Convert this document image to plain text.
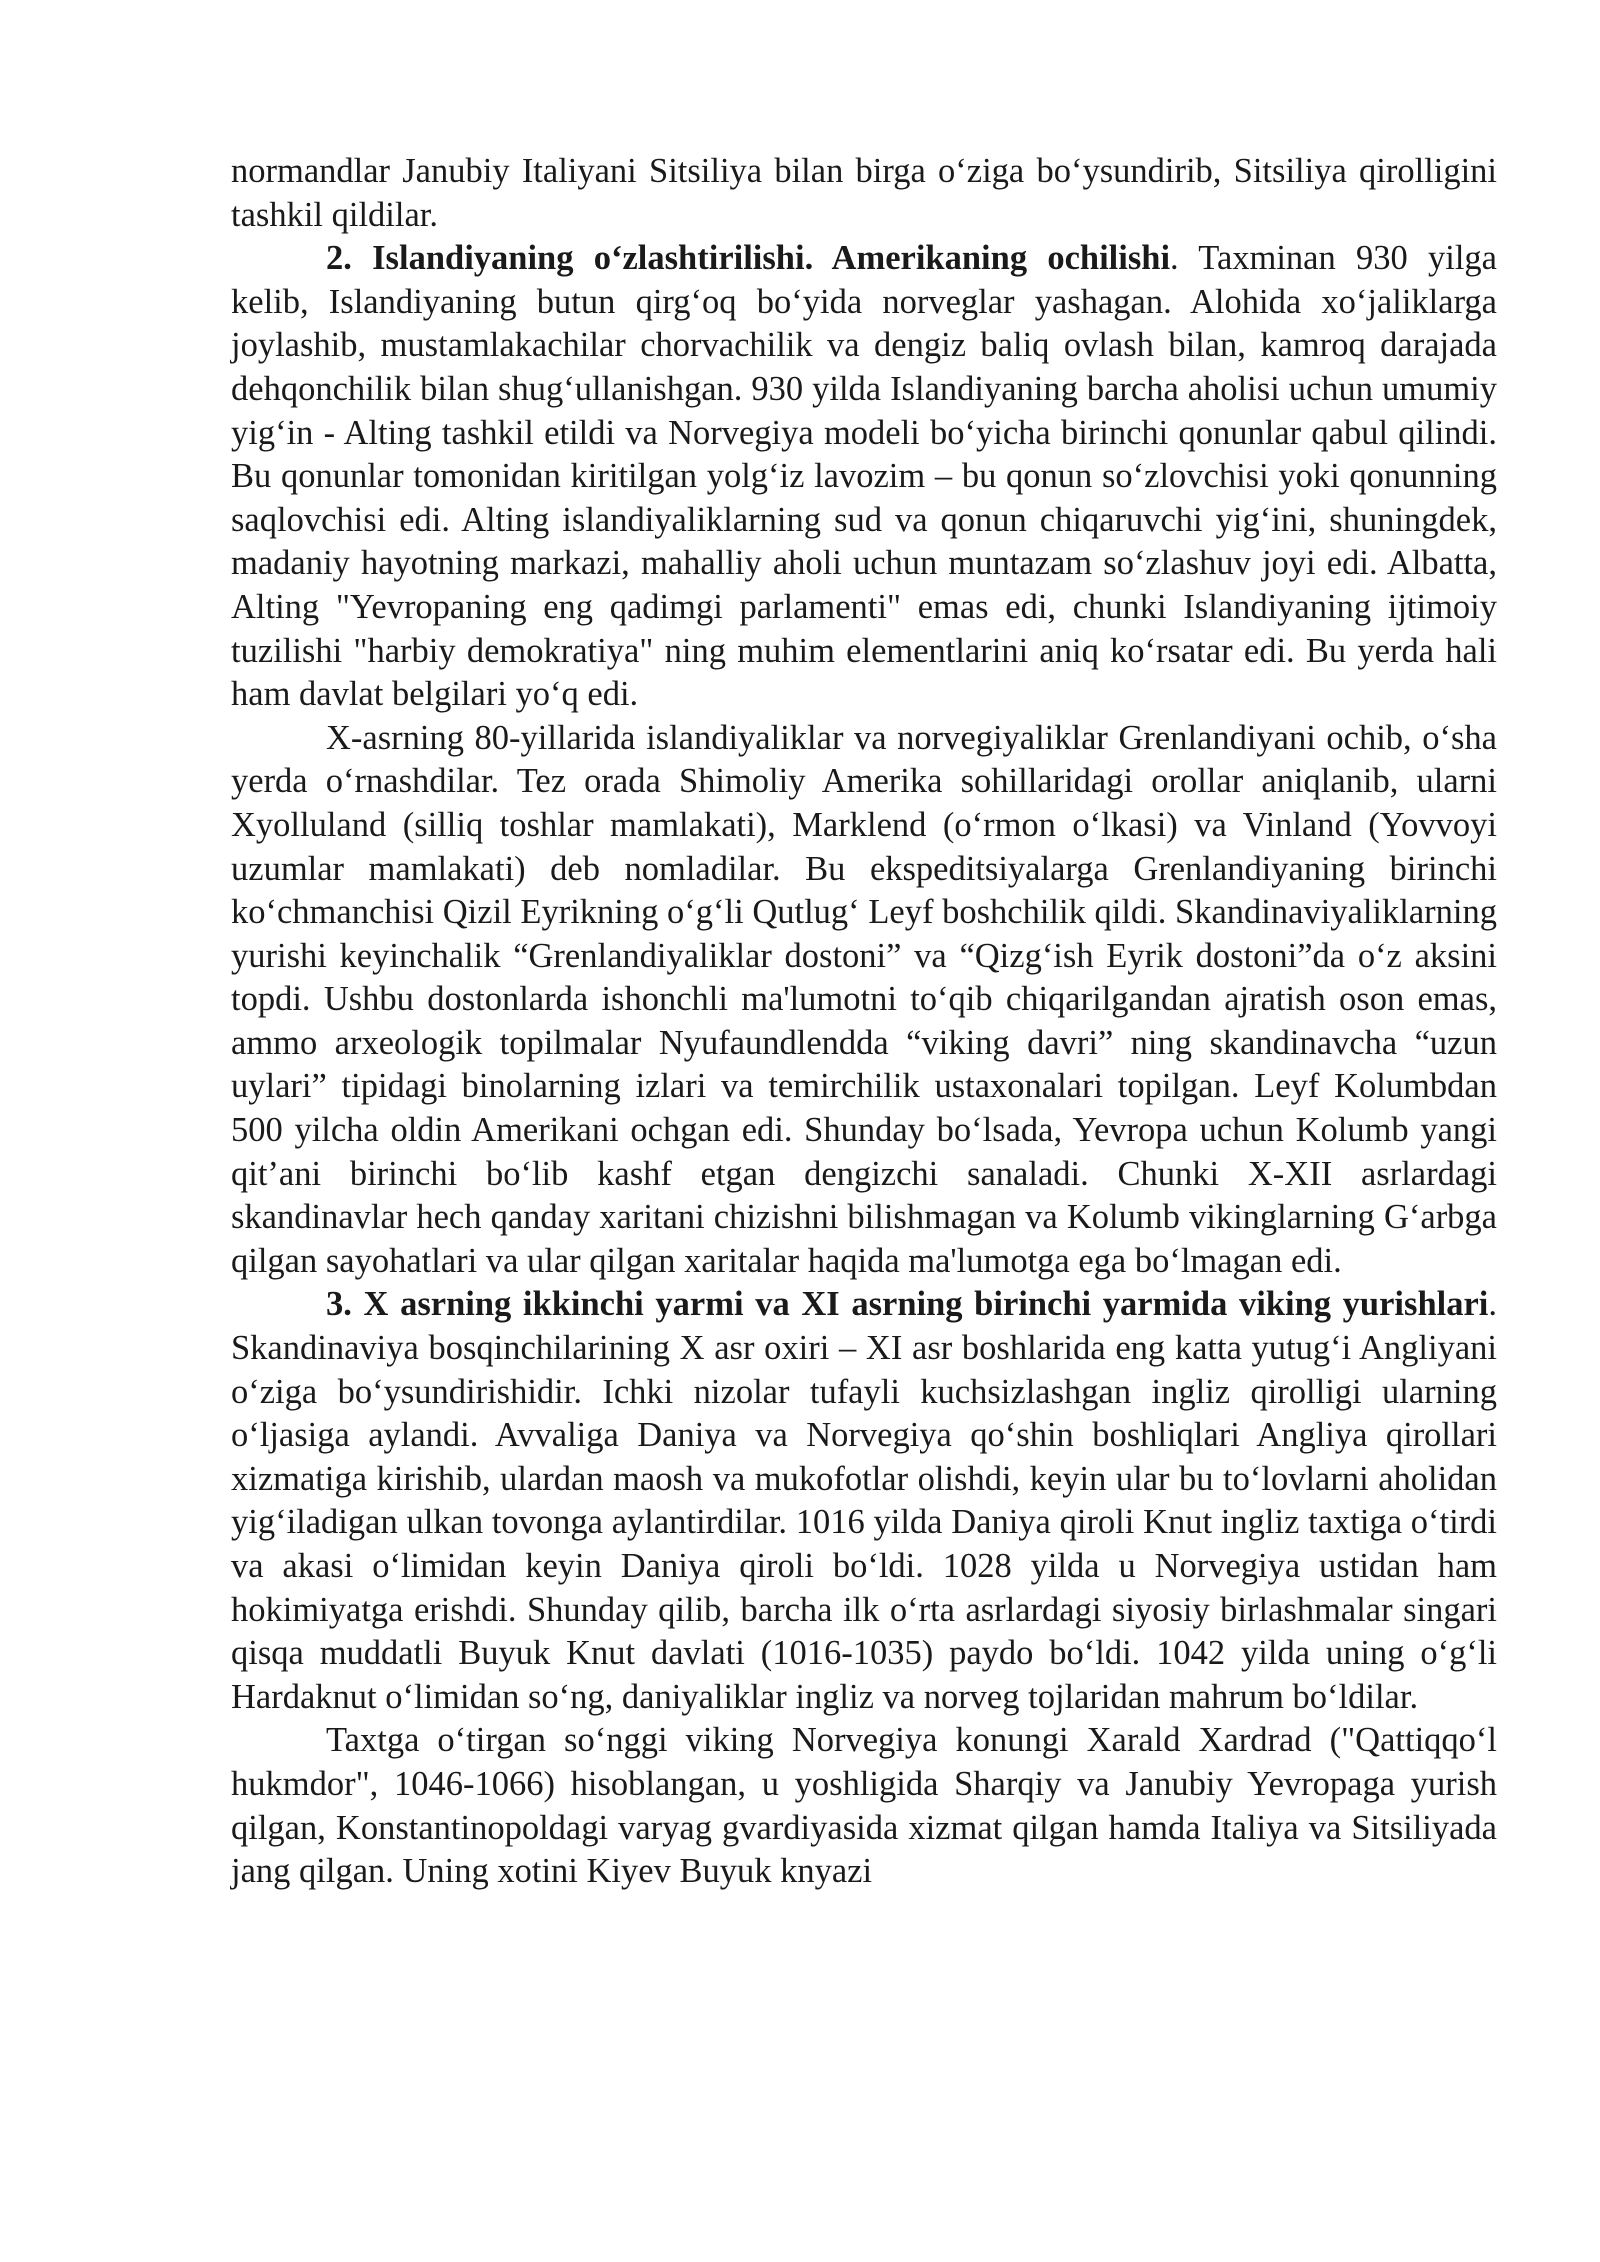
normandlar Janubiy Italiyani Sitsiliya bilan birga o‘ziga bo‘ysundirib, Sitsiliya qirolligini tashkil qildilar.

2. Islandiyaning o‘zlashtirilishi. Amerikaning ochilishi. Taxminan 930 yilga kelib, Islandiyaning butun qirg‘oq bo‘yida norveglar yashagan. Alohida xo‘jaliklarga joylashib, mustamlakachilar chorvachilik va dengiz baliq ovlash bilan, kamroq darajada dehqonchilik bilan shug‘ullanishgan. 930 yilda Islandiyaning barcha aholisi uchun umumiy yig‘in - Alting tashkil etildi va Norvegiya modeli bo‘yicha birinchi qonunlar qabul qilindi. Bu qonunlar tomonidan kiritilgan yolg‘iz lavozim – bu qonun so‘zlovchisi yoki qonunning saqlovchisi edi. Alting islandiyaliklarning sud va qonun chiqaruvchi yig‘ini, shuningdek, madaniy hayotning markazi, mahalliy aholi uchun muntazam so‘zlashuv joyi edi. Albatta, Alting "Yevropaning eng qadimgi parlamenti" emas edi, chunki Islandiyaning ijtimoiy tuzilishi "harbiy demokratiya" ning muhim elementlarini aniq ko‘rsatar edi. Bu yerda hali ham davlat belgilari yo‘q edi.

X-asrning 80-yillarida islandiyaliklar va norvegiyaliklar Grenlandiyani ochib, o‘sha yerda o‘rnashdilar. Tez orada Shimoliy Amerika sohillaridagi orollar aniqlanib, ularni Xyolluland (silliq toshlar mamlakati), Marklend (o‘rmon o‘lkasi) va Vinland (Yovvoyi uzumlar mamlakati) deb nomladilar. Bu ekspeditsiyalarga Grenlandiyaning birinchi ko‘chmanchisi Qizil Eyrikning o‘g‘li Qutlug‘ Leyf boshchilik qildi. Skandinaviyaliklarning yurishi keyinchalik “Grenlandiyaliklar dostoni” va “Qizg‘ish Eyrik dostoni”da o‘z aksini topdi. Ushbu dostonlarda ishonchli ma'lumotni to‘qib chiqarilgandan ajratish oson emas, ammo arxeologik topilmalar Nyufaundlendda “viking davri” ning skandinavcha “uzun uylari” tipidagi binolarning izlari va temirchilik ustaxonalari topilgan. Leyf Kolumbdan 500 yilcha oldin Amerikani ochgan edi. Shunday bo‘lsada, Yevropa uchun Kolumb yangi qit’ani birinchi bo‘lib kashf etgan dengizchi sanaladi. Chunki X-XII asrlardagi skandinavlar hech qanday xaritani chizishni bilishmagan va Kolumb vikinglarning G‘arbga qilgan sayohatlari va ular qilgan xaritalar haqida ma'lumotga ega bo‘lmagan edi.

3. X asrning ikkinchi yarmi va XI asrning birinchi yarmida viking yurishlari. Skandinaviya bosqinchilarining X asr oxiri – XI asr boshlarida eng katta yutug‘i Angliyani o‘ziga bo‘ysundirishidir. Ichki nizolar tufayli kuchsizlashgan ingliz qirolligi ularning o‘ljasiga aylandi. Avvaliga Daniya va Norvegiya qo‘shin boshliqlari Angliya qirollari xizmatiga kirishib, ulardan maosh va mukofotlar olishdi, keyin ular bu to‘lovlarni aholidan yig‘iladigan ulkan tovonga aylantirdilar. 1016 yilda Daniya qiroli Knut ingliz taxtiga o‘tirdi va akasi o‘limidan keyin Daniya qiroli bo‘ldi. 1028 yilda u Norvegiya ustidan ham hokimiyatga erishdi. Shunday qilib, barcha ilk o‘rta asrlardagi siyosiy birlashmalar singari qisqa muddatli Buyuk Knut davlati (1016-1035) paydo bo‘ldi. 1042 yilda uning o‘g‘li Hardaknut o‘limidan so‘ng, daniyaliklar ingliz va norveg tojlaridan mahrum bo‘ldilar.

Taxtga o‘tirgan so‘nggi viking Norvegiya konungi Xarald Xardrad ("Qattiqqo‘l hukmdor", 1046-1066) hisoblangan, u yoshligida Sharqiy va Janubiy Yevropaga yurish qilgan, Konstantinopoldagi varyag gvardiyasida xizmat qilgan hamda Italiya va Sitsiliyada jang qilgan. Uning xotini Kiyev Buyuk knyazi
